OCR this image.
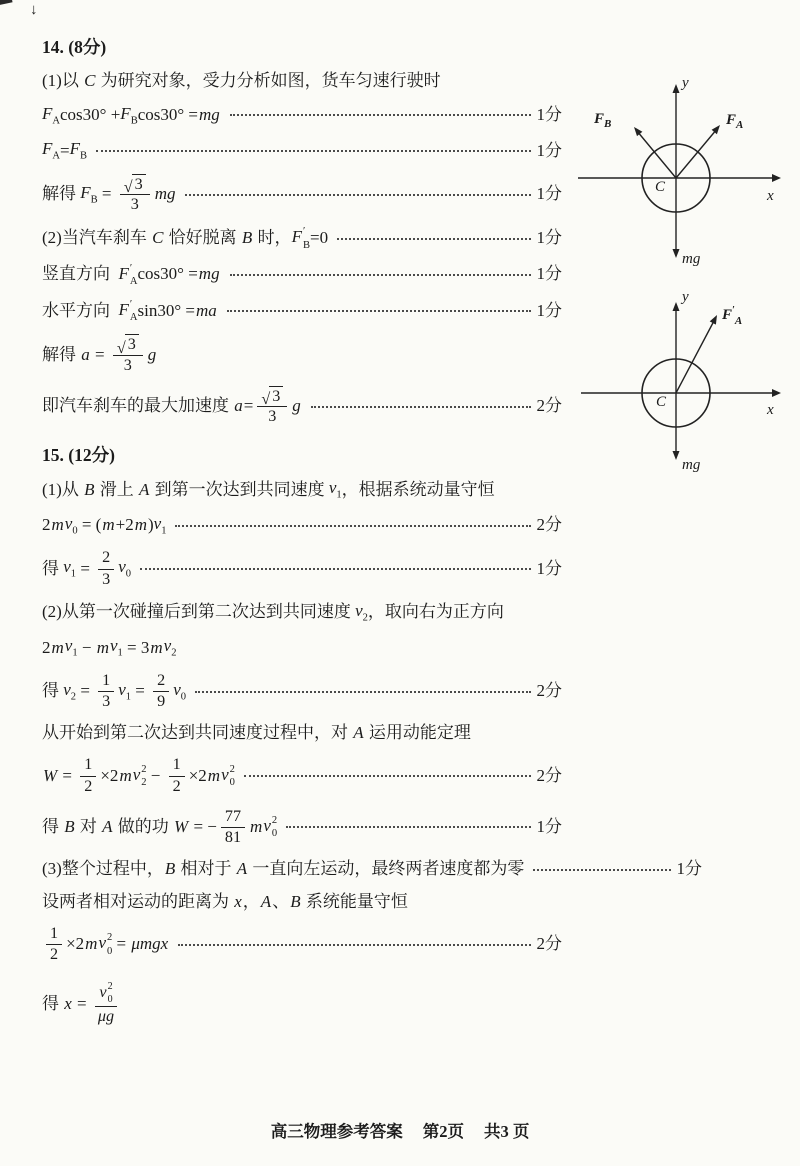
↓
14. (8分)
(1)以 C 为研究对象，受力分析如图，货车匀速行驶时
$F_A$ $\cos 30^\circ + F_B$ cos30° = mg	1分
$F_A = F_B$	1分
解得 $F_B = \frac{√ 3}{3}$ mg	1分
(2)当汽车刹车 C 恰好脱离 B 时， F ′
B =0	1分
竖直方向 F ′
A cos30° = mg	1分
水平方向 F ′
A sin30° = ma	1分
解得 $a = \frac{√ 3}{3}$ g
即汽车刹车的最大加速度 $a = \frac{√ 3}{3}$ g	2分
15. (12分)
(1)从 B 滑上 A 到第一次达到共同速度 $v_1$ ，根据系统动量守恒
2 m $v_0$ = ( m +2 m ) $v_1$	2分
得 $v_1 = \frac{2}{3} v_0$	1分
(2)从第一次碰撞后到第二次达到共同速度 $v_2$ ，取向右为正方向
2 m $v_1 - m$ $v_1 = 3$ m $v_2$
得 $v_2 = \frac{1}{3} v_1 = \frac{2}{9} v_0$	2分
从开始到第二次达到共同速度过程中，对 A 运用动能定理
$W = \frac{1}{2} \times 2$ m v 2
$2 - \frac{1}{2} \times 2$ m v 2
0	2分
得 B 对 A 做的功 W = − $\frac{77}{81}$ m v 2
0	1分
(3)整个过程中， B 相对于 A 一直向左运动，最终两者速度都为零	1分
设两者相对运动的距离为 x ， A 、 B 系统能量守恒
$\frac{1}{2} \times 2$ m v 2
0 = μmgx	2分
得 x = v 2
0
μg
y
x
C
mg
$F_A$
$F_B$
y
x
C
mg
$F'_A$
高三物理参考答案 第2页 共3 页
